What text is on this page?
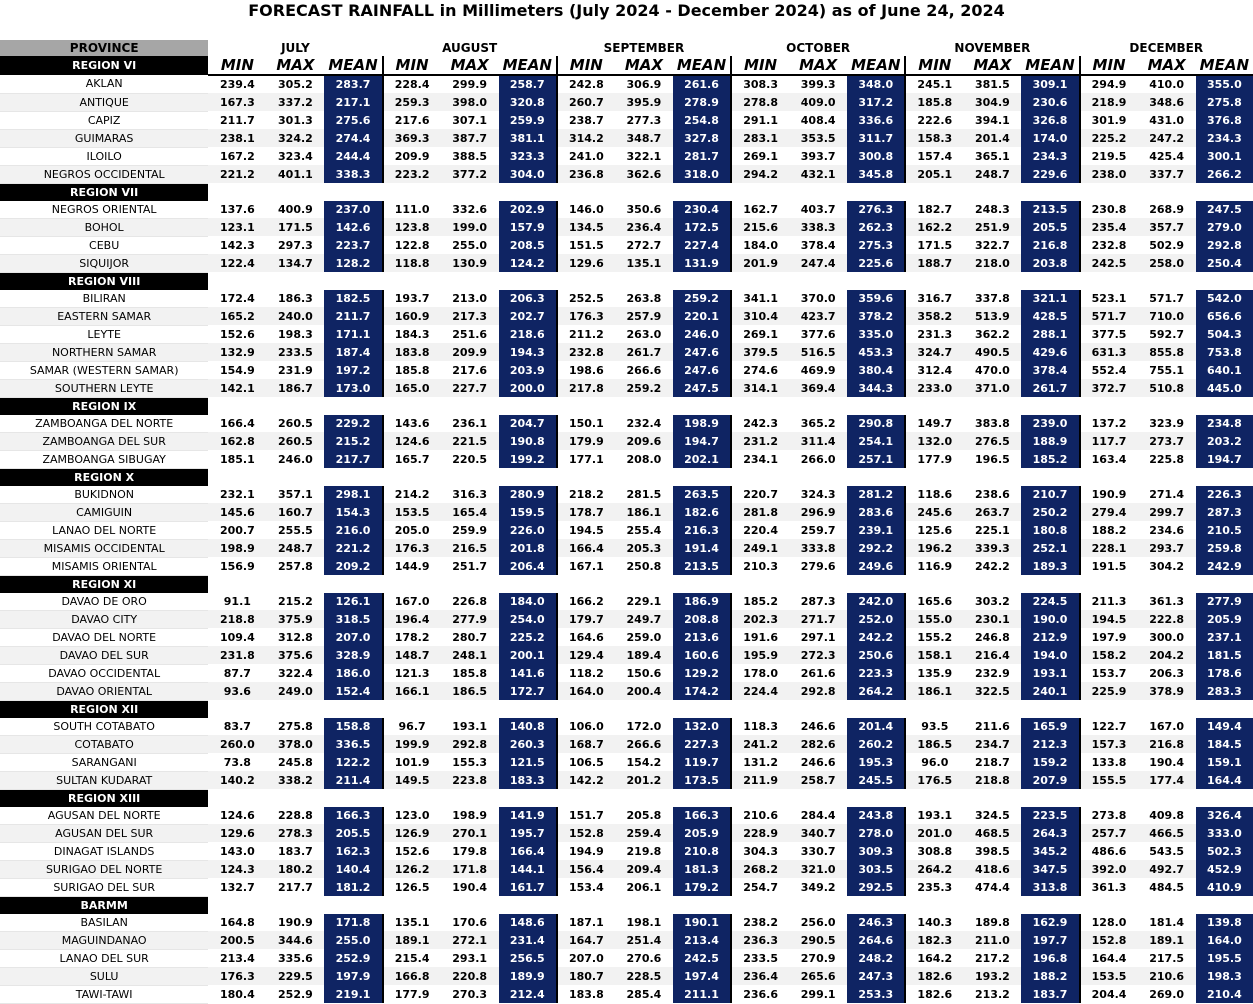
FORECAST RAINFALL in Millimeters (July 2024 - December 2024) as of June 24, 2024
PROVINCE	JULY			AUGUST			SEPTEMBER			OCTOBER			NOVEMBER			DECEMBER		
REGION VI	MIN	MAX	MEAN	MIN	MAX	MEAN	MIN	MAX	MEAN	MIN	MAX	MEAN	MIN	MAX	MEAN	MIN	MAX	MEAN
AKLAN	239.4	305.2	283.7	228.4	299.9	258.7	242.8	306.9	261.6	308.3	399.3	348.0	245.1	381.5	309.1	294.9	410.0	355.0
ANTIQUE	167.3	337.2	217.1	259.3	398.0	320.8	260.7	395.9	278.9	278.8	409.0	317.2	185.8	304.9	230.6	218.9	348.6	275.8
CAPIZ	211.7	301.3	275.6	217.6	307.1	259.9	238.7	277.3	254.8	291.1	408.4	336.6	222.6	394.1	326.8	301.9	431.0	376.8
GUIMARAS	238.1	324.2	274.4	369.3	387.7	381.1	314.2	348.7	327.8	283.1	353.5	311.7	158.3	201.4	174.0	225.2	247.2	234.3
ILOILO	167.2	323.4	244.4	209.9	388.5	323.3	241.0	322.1	281.7	269.1	393.7	300.8	157.4	365.1	234.3	219.5	425.4	300.1
NEGROS OCCIDENTAL	221.2	401.1	338.3	223.2	377.2	304.0	236.8	362.6	318.0	294.2	432.1	345.8	205.1	248.7	229.6	238.0	337.7	266.2
REGION VII																		
NEGROS ORIENTAL	137.6	400.9	237.0	111.0	332.6	202.9	146.0	350.6	230.4	162.7	403.7	276.3	182.7	248.3	213.5	230.8	268.9	247.5
BOHOL	123.1	171.5	142.6	123.8	199.0	157.9	134.5	236.4	172.5	215.6	338.3	262.3	162.2	251.9	205.5	235.4	357.7	279.0
CEBU	142.3	297.3	223.7	122.8	255.0	208.5	151.5	272.7	227.4	184.0	378.4	275.3	171.5	322.7	216.8	232.8	502.9	292.8
SIQUIJOR	122.4	134.7	128.2	118.8	130.9	124.2	129.6	135.1	131.9	201.9	247.4	225.6	188.7	218.0	203.8	242.5	258.0	250.4
REGION VIII																		
BILIRAN	172.4	186.3	182.5	193.7	213.0	206.3	252.5	263.8	259.2	341.1	370.0	359.6	316.7	337.8	321.1	523.1	571.7	542.0
EASTERN SAMAR	165.2	240.0	211.7	160.9	217.3	202.7	176.3	257.9	220.1	310.4	423.7	378.2	358.2	513.9	428.5	571.7	710.0	656.6
LEYTE	152.6	198.3	171.1	184.3	251.6	218.6	211.2	263.0	246.0	269.1	377.6	335.0	231.3	362.2	288.1	377.5	592.7	504.3
NORTHERN SAMAR	132.9	233.5	187.4	183.8	209.9	194.3	232.8	261.7	247.6	379.5	516.5	453.3	324.7	490.5	429.6	631.3	855.8	753.8
SAMAR (WESTERN SAMAR)	154.9	231.9	197.2	185.8	217.6	203.9	198.6	266.6	247.6	274.6	469.9	380.4	312.4	470.0	378.4	552.4	755.1	640.1
SOUTHERN LEYTE	142.1	186.7	173.0	165.0	227.7	200.0	217.8	259.2	247.5	314.1	369.4	344.3	233.0	371.0	261.7	372.7	510.8	445.0
REGION IX																		
ZAMBOANGA DEL NORTE	166.4	260.5	229.2	143.6	236.1	204.7	150.1	232.4	198.9	242.3	365.2	290.8	149.7	383.8	239.0	137.2	323.9	234.8
ZAMBOANGA DEL SUR	162.8	260.5	215.2	124.6	221.5	190.8	179.9	209.6	194.7	231.2	311.4	254.1	132.0	276.5	188.9	117.7	273.7	203.2
ZAMBOANGA SIBUGAY	185.1	246.0	217.7	165.7	220.5	199.2	177.1	208.0	202.1	234.1	266.0	257.1	177.9	196.5	185.2	163.4	225.8	194.7
REGION X																		
BUKIDNON	232.1	357.1	298.1	214.2	316.3	280.9	218.2	281.5	263.5	220.7	324.3	281.2	118.6	238.6	210.7	190.9	271.4	226.3
CAMIGUIN	145.6	160.7	154.3	153.5	165.4	159.5	178.7	186.1	182.6	281.8	296.9	283.6	245.6	263.7	250.2	279.4	299.7	287.3
LANAO DEL NORTE	200.7	255.5	216.0	205.0	259.9	226.0	194.5	255.4	216.3	220.4	259.7	239.1	125.6	225.1	180.8	188.2	234.6	210.5
MISAMIS OCCIDENTAL	198.9	248.7	221.2	176.3	216.5	201.8	166.4	205.3	191.4	249.1	333.8	292.2	196.2	339.3	252.1	228.1	293.7	259.8
MISAMIS ORIENTAL	156.9	257.8	209.2	144.9	251.7	206.4	167.1	250.8	213.5	210.3	279.6	249.6	116.9	242.2	189.3	191.5	304.2	242.9
REGION XI																		
DAVAO DE ORO	91.1	215.2	126.1	167.0	226.8	184.0	166.2	229.1	186.9	185.2	287.3	242.0	165.6	303.2	224.5	211.3	361.3	277.9
DAVAO CITY	218.8	375.9	318.5	196.4	277.9	254.0	179.7	249.7	208.8	202.3	271.7	252.0	155.0	230.1	190.0	194.5	222.8	205.9
DAVAO DEL NORTE	109.4	312.8	207.0	178.2	280.7	225.2	164.6	259.0	213.6	191.6	297.1	242.2	155.2	246.8	212.9	197.9	300.0	237.1
DAVAO DEL SUR	231.8	375.6	328.9	148.7	248.1	200.1	129.4	189.4	160.6	195.9	272.3	250.6	158.1	216.4	194.0	158.2	204.2	181.5
DAVAO OCCIDENTAL	87.7	322.4	186.0	121.3	185.8	141.6	118.2	150.6	129.2	178.0	261.6	223.3	135.9	232.9	193.1	153.7	206.3	178.6
DAVAO ORIENTAL	93.6	249.0	152.4	166.1	186.5	172.7	164.0	200.4	174.2	224.4	292.8	264.2	186.1	322.5	240.1	225.9	378.9	283.3
REGION XII																		
SOUTH COTABATO	83.7	275.8	158.8	96.7	193.1	140.8	106.0	172.0	132.0	118.3	246.6	201.4	93.5	211.6	165.9	122.7	167.0	149.4
COTABATO	260.0	378.0	336.5	199.9	292.8	260.3	168.7	266.6	227.3	241.2	282.6	260.2	186.5	234.7	212.3	157.3	216.8	184.5
SARANGANI	73.8	245.8	122.2	101.9	155.3	121.5	106.5	154.2	119.7	131.2	246.6	195.3	96.0	218.7	159.2	133.8	190.4	159.1
SULTAN KUDARAT	140.2	338.2	211.4	149.5	223.8	183.3	142.2	201.2	173.5	211.9	258.7	245.5	176.5	218.8	207.9	155.5	177.4	164.4
REGION XIII																		
AGUSAN DEL NORTE	124.6	228.8	166.3	123.0	198.9	141.9	151.7	205.8	166.3	210.6	284.4	243.8	193.1	324.5	223.5	273.8	409.8	326.4
AGUSAN DEL SUR	129.6	278.3	205.5	126.9	270.1	195.7	152.8	259.4	205.9	228.9	340.7	278.0	201.0	468.5	264.3	257.7	466.5	333.0
DINAGAT ISLANDS	143.0	183.7	162.3	152.6	179.8	166.4	194.9	219.8	210.8	304.3	330.7	309.3	308.8	398.5	345.2	486.6	543.5	502.3
SURIGAO DEL NORTE	124.3	180.2	140.4	126.2	171.8	144.1	156.4	209.4	181.3	268.2	321.0	303.5	264.2	418.6	347.5	392.0	492.7	452.9
SURIGAO DEL SUR	132.7	217.7	181.2	126.5	190.4	161.7	153.4	206.1	179.2	254.7	349.2	292.5	235.3	474.4	313.8	361.3	484.5	410.9
BARMM																		
BASILAN	164.8	190.9	171.8	135.1	170.6	148.6	187.1	198.1	190.1	238.2	256.0	246.3	140.3	189.8	162.9	128.0	181.4	139.8
MAGUINDANAO	200.5	344.6	255.0	189.1	272.1	231.4	164.7	251.4	213.4	236.3	290.5	264.6	182.3	211.0	197.7	152.8	189.1	164.0
LANAO DEL SUR	213.4	335.6	252.9	215.4	293.1	256.5	207.0	270.6	242.5	233.5	270.9	248.2	164.2	217.2	196.8	164.4	217.5	195.5
SULU	176.3	229.5	197.9	166.8	220.8	189.9	180.7	228.5	197.4	236.4	265.6	247.3	182.6	193.2	188.2	153.5	210.6	198.3
TAWI-TAWI	180.4	252.9	219.1	177.9	270.3	212.4	183.8	285.4	211.1	236.6	299.1	253.3	182.6	213.2	183.7	204.4	269.0	210.4
